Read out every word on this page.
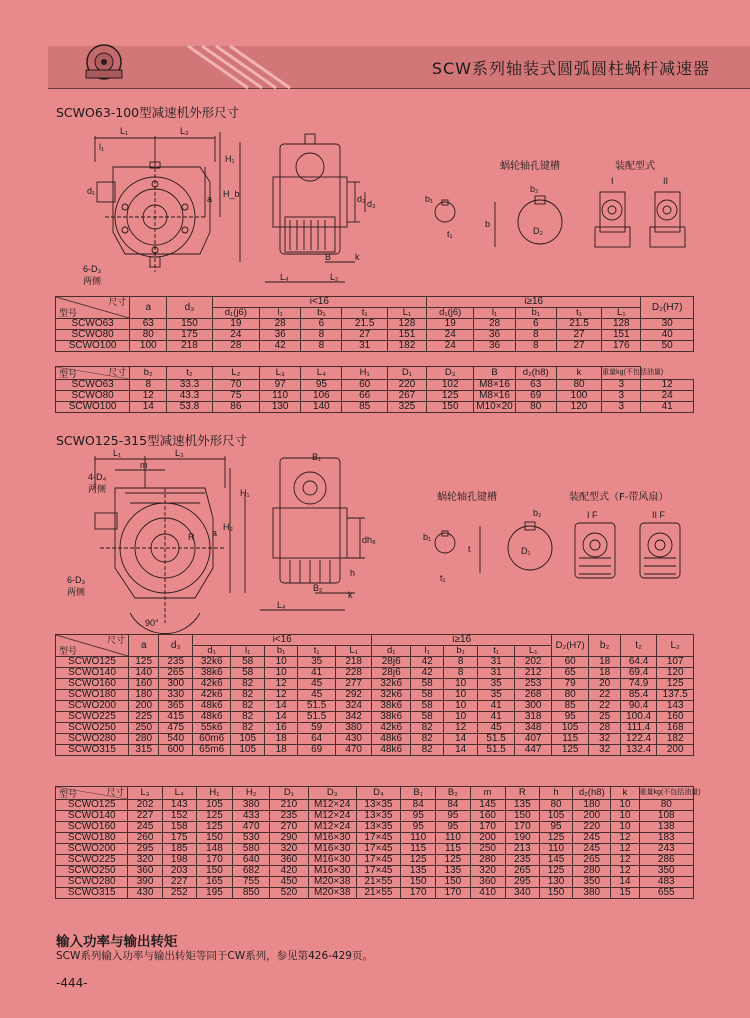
SCW系列轴装式圆弧圆柱蜗杆减速器
SCWO63-100型减速机外形尺寸
L₁	L₃
l₁
H₁
H_b
a
d₁
6-D₃
两侧	L₄	L₂
B	k
d₂ d₃	b₁
t₁
b₂
b
D₂
蜗轮轴孔键槽	装配型式
I	II
尺寸
型号	a	d₃	i<16					i≥16					D₂(H7)
			d₁(j6)	l₁	b₁	t₁	L₁	d₁(j6)	l₁	b₁	t₁	L₁	
SCWO63	63	150	19	28	6	21.5	128	19	28	6	21.5	128	30
SCWO80	80	175	24	36	8	27	151	24	36	8	27	151	40
SCWO100	100	218	28	42	8	31	182	24	36	8	27	176	50
尺寸
型号	b₂	t₂	L₂	L₃	L₄	H₁	D₁	D₃	B	d₂(h8)	k	重量kg(不包括油量)	
SCWO63	8	33.3	70	97	95	60	220	102	M8×16	63	80	3	12
SCWO80	12	43.3	75	110	106	66	267	125	M8×16	69	100	3	24
SCWO100	14	53.8	86	130	140	85	325	150	M10×20	80	120	3	41
SCWO125-315型减速机外形尺寸
L₁	L₃
m
4-D₄
两侧	H₁
H₂
a
R
6-D₃
两侧
90°
B₁
B₂
L₄
k
h
dh₈	b₁
t₁
b₂
t	D₁
蜗轮轴孔键槽	装配型式（F-带风扇）
I F	II F
尺寸
型号	a	d₃	i<16					i≥16					D₂(H7)	b₂	t₂	L₂
			d₁	l₁	b₁	t₁	L₁	d₁	l₁	b₁	t₁	L₁				
SCWO125	125	235	32k6	58	10	35	218	28j6	42	8	31	202	60	18	64.4	107
SCWO140	140	265	38k6	58	10	41	228	28j6	42	8	31	212	65	18	69.4	120
SCWO160	160	300	42k6	82	12	45	277	32k6	58	10	35	253	79	20	74.9	125
SCWO180	180	330	42k6	82	12	45	292	32k6	58	10	35	268	80	22	85.4	137.5
SCWO200	200	365	48k6	82	14	51.5	324	38k6	58	10	41	300	85	22	90.4	143
SCWO225	225	415	48k6	82	14	51.5	342	38k6	58	10	41	318	95	25	100.4	160
SCWO250	250	475	55k6	82	16	59	380	42k6	82	12	45	348	105	28	111.4	168
SCWO280	280	540	60m6	105	18	64	430	48k6	82	14	51.5	407	115	32	122.4	182
SCWO315	315	600	65m6	105	18	69	470	48k6	82	14	51.5	447	125	32	132.4	200
尺寸
型号	L₃	L₄	H₁	H₂	D₁	D₃	D₄	B₁	B₂	m	R	h	d₂(h8)	k	重量kg(不包括油量)
SCWO125	202	143	105	380	210	M12×24	13×35	84	84	145	135	80	180	10	80
SCWO140	227	152	125	433	235	M12×24	13×35	95	95	160	150	105	200	10	108
SCWO160	245	158	125	470	270	M12×24	13×35	95	95	170	170	95	220	10	138
SCWO180	260	175	150	530	290	M16×30	17×45	110	110	200	190	125	245	12	183
SCWO200	295	185	148	580	320	M16×30	17×45	115	115	250	213	110	245	12	243
SCWO225	320	198	170	640	360	M16×30	17×45	125	125	280	235	145	265	12	286
SCWO250	360	203	150	682	420	M16×30	17×45	135	135	320	265	125	280	12	350
SCWO280	390	227	165	755	450	M20×38	21×55	150	150	360	295	130	350	14	483
SCWO315	430	252	195	850	520	M20×38	21×55	170	170	410	340	150	380	15	655
输入功率与输出转矩
SCW系列输入功率与输出转矩等同于CW系列，参见第426-429页。
-444-
